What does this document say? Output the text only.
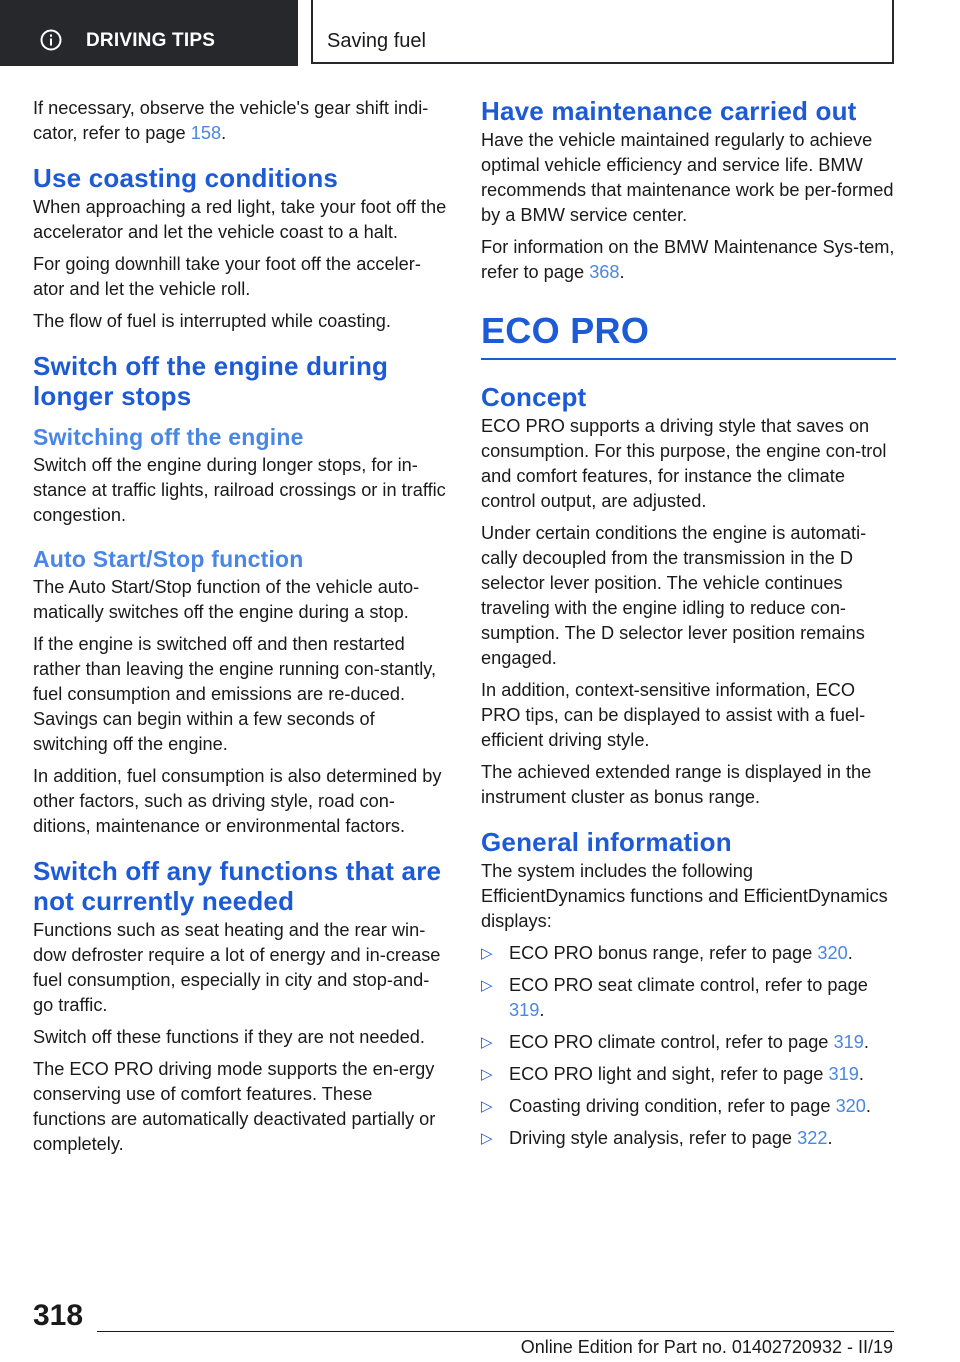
DRIVING TIPS	Saving fuel

If necessary, observe the vehicle's gear shift indi-cator, refer to page 158.

Use coasting conditions

When approaching a red light, take your foot off the accelerator and let the vehicle coast to a halt.

For going downhill take your foot off the acceler-ator and let the vehicle roll.

The flow of fuel is interrupted while coasting.

Switch off the engine during longer stops
Switching off the engine

Switch off the engine during longer stops, for in-stance at traffic lights, railroad crossings or in traffic congestion.

Auto Start/Stop function

The Auto Start/Stop function of the vehicle auto-matically switches off the engine during a stop.

If the engine is switched off and then restarted rather than leaving the engine running con-stantly, fuel consumption and emissions are re-duced. Savings can begin within a few seconds of switching off the engine.

In addition, fuel consumption is also determined by other factors, such as driving style, road con-ditions, maintenance or environmental factors.

Switch off any functions that are not currently needed

Functions such as seat heating and the rear win-dow defroster require a lot of energy and in-crease fuel consumption, especially in city and stop-and-go traffic.

Switch off these functions if they are not needed.

The ECO PRO driving mode supports the en-ergy conserving use of comfort features. These functions are automatically deactivated partially or completely.

Have maintenance carried out

Have the vehicle maintained regularly to achieve optimal vehicle efficiency and service life. BMW recommends that maintenance work be per-formed by a BMW service center.

For information on the BMW Maintenance Sys-tem, refer to page 368.

ECO PRO
Concept

ECO PRO supports a driving style that saves on consumption. For this purpose, the engine con-trol and comfort features, for instance the climate control output, are adjusted.

Under certain conditions the engine is automati-cally decoupled from the transmission in the D selector lever position. The vehicle continues traveling with the engine idling to reduce con-sumption. The D selector lever position remains engaged.

In addition, context-sensitive information, ECO PRO tips, can be displayed to assist with a fuel-efficient driving style.

The achieved extended range is displayed in the instrument cluster as bonus range.

General information

The system includes the following EfficientDynamics functions and EfficientDynamics displays:

▷ ECO PRO bonus range, refer to page 320.
▷ ECO PRO seat climate control, refer to page 319.
▷ ECO PRO climate control, refer to page 319.
▷ ECO PRO light and sight, refer to page 319.
▷ Coasting driving condition, refer to page 320.
▷ Driving style analysis, refer to page 322.
318
Online Edition for Part no. 01402720932 - II/19
